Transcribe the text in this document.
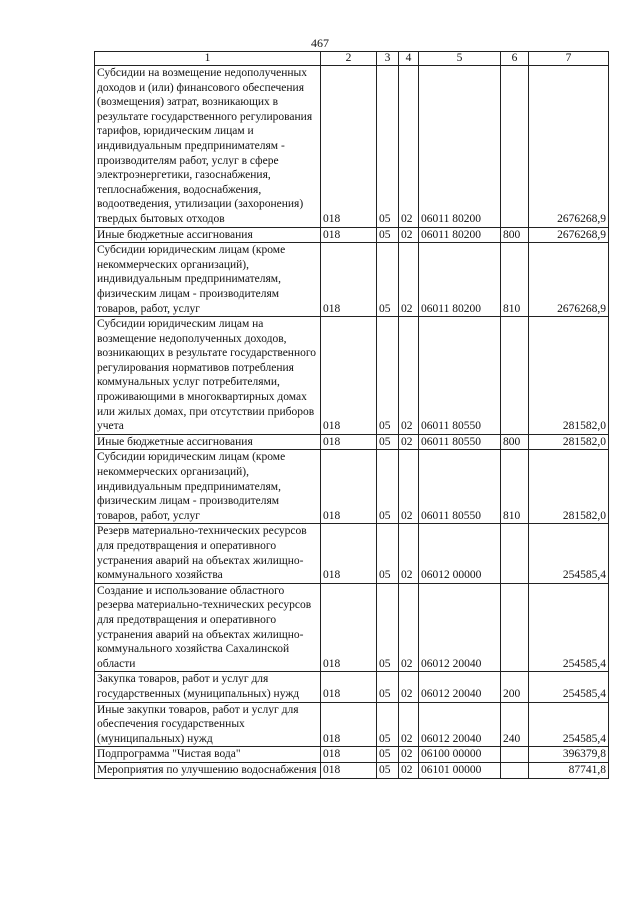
467
1	2	3	4	5	6	7
Субсидии на возмещение недополученных доходов и (или) финансового обеспечения (возмещения) затрат, возникающих в результате государственного регулирования тарифов, юридическим лицам и индивидуальным предпринимателям - производителям работ, услуг в сфере электроэнергетики, газоснабжения, теплоснабжения, водоснабжения, водоотведения, утилизации (захоронения) твердых бытовых отходов	018	05	02	06011 80200		2676268,9
Иные бюджетные ассигнования	018	05	02	06011 80200	800	2676268,9
Субсидии юридическим лицам (кроме некоммерческих организаций), индивидуальным предпринимателям, физическим лицам - производителям товаров, работ, услуг	018	05	02	06011 80200	810	2676268,9
Субсидии юридическим лицам на возмещение недополученных доходов, возникающих в результате государственного регулирования нормативов потребления коммунальных услуг потребителями, проживающими в многоквартирных домах или жилых домах, при отсутствии приборов учета	018	05	02	06011 80550		281582,0
Иные бюджетные ассигнования	018	05	02	06011 80550	800	281582,0
Субсидии юридическим лицам (кроме некоммерческих организаций), индивидуальным предпринимателям, физическим лицам - производителям товаров, работ, услуг	018	05	02	06011 80550	810	281582,0
Резерв материально-технических ресурсов для предотвращения и оперативного устранения аварий на объектах жилищно-коммунального хозяйства	018	05	02	06012 00000		254585,4
Создание и использование областного резерва материально-технических ресурсов для предотвращения и оперативного устранения аварий на объектах жилищно-коммунального хозяйства Сахалинской области	018	05	02	06012 20040		254585,4
Закупка товаров, работ и услуг для государственных (муниципальных) нужд	018	05	02	06012 20040	200	254585,4
Иные закупки товаров, работ и услуг для обеспечения государственных (муниципальных) нужд	018	05	02	06012 20040	240	254585,4
Подпрограмма "Чистая вода"	018	05	02	06100 00000		396379,8
Мероприятия по улучшению водоснабжения	018	05	02	06101 00000		87741,8
